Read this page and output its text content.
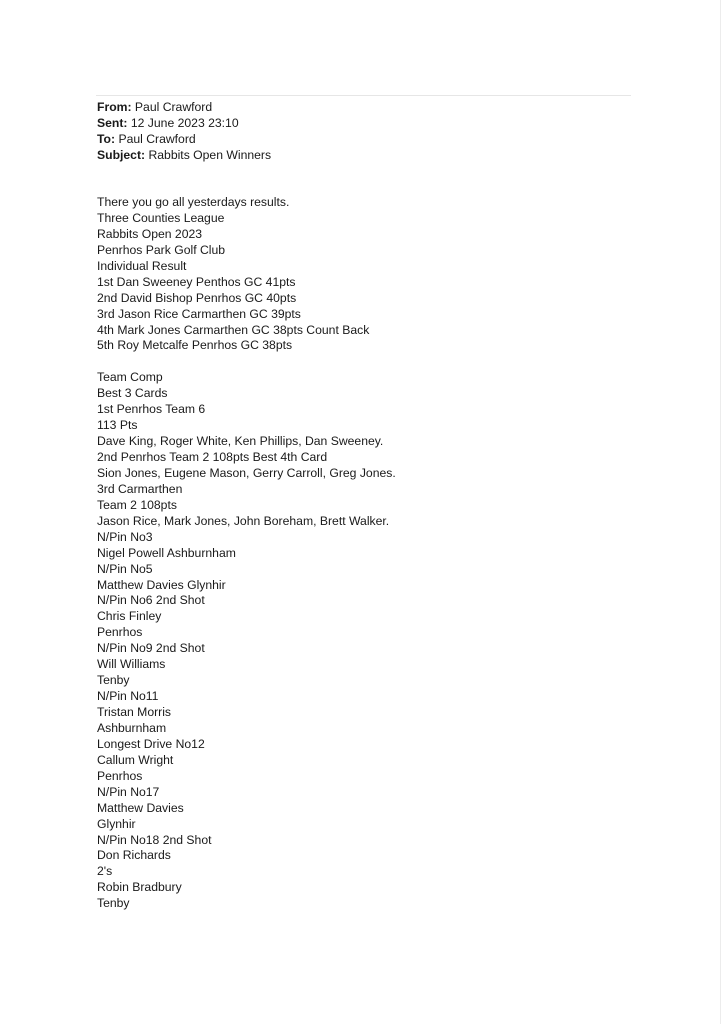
From: Paul Crawford
Sent: 12 June 2023 23:10
To: Paul Crawford
Subject: Rabbits Open Winners
There you go all yesterdays results.
Three Counties League
Rabbits Open 2023
Penrhos Park Golf Club
Individual Result
1st Dan Sweeney Penthos GC 41pts
2nd David Bishop Penrhos GC 40pts
3rd Jason Rice Carmarthen GC 39pts
4th Mark Jones Carmarthen GC 38pts Count Back
5th Roy Metcalfe Penrhos GC 38pts
Team Comp
Best 3 Cards
1st Penrhos Team 6
113 Pts
Dave King, Roger White, Ken Phillips, Dan Sweeney.
2nd Penrhos Team 2 108pts Best 4th Card
Sion Jones, Eugene Mason, Gerry Carroll, Greg Jones.
3rd Carmarthen
Team 2 108pts
Jason Rice, Mark Jones, John Boreham, Brett Walker.
N/Pin No3
Nigel Powell Ashburnham
N/Pin No5
Matthew Davies Glynhir
N/Pin No6 2nd Shot
Chris Finley
Penrhos
N/Pin No9 2nd Shot
Will Williams
Tenby
N/Pin No11
Tristan Morris
Ashburnham
Longest Drive No12
Callum Wright
Penrhos
N/Pin No17
Matthew Davies
Glynhir
N/Pin No18 2nd Shot
Don Richards
2's
Robin Bradbury
Tenby
